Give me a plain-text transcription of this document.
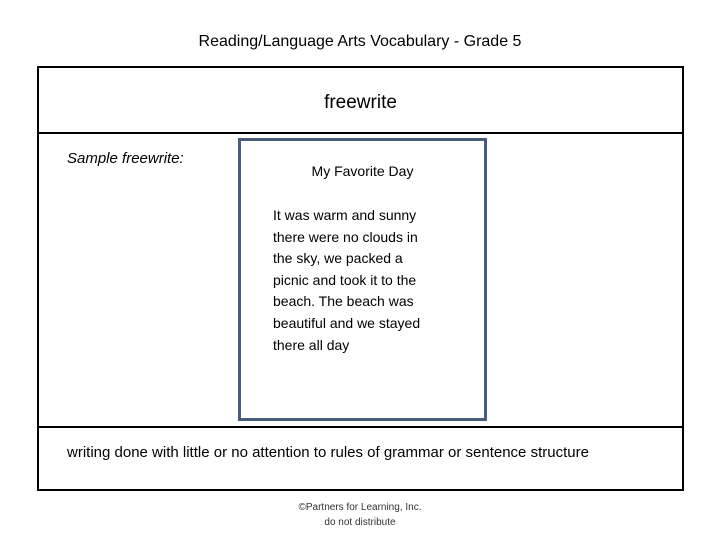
Reading/Language Arts Vocabulary - Grade 5
freewrite
Sample freewrite:
My Favorite Day
It was warm and sunny
there were no clouds in
the sky, we packed a
picnic and took it to the
beach. The beach was
beautiful and we stayed
there all day
writing done with little or no attention to rules of grammar or sentence structure
©Partners for Learning, Inc.
do not distribute
